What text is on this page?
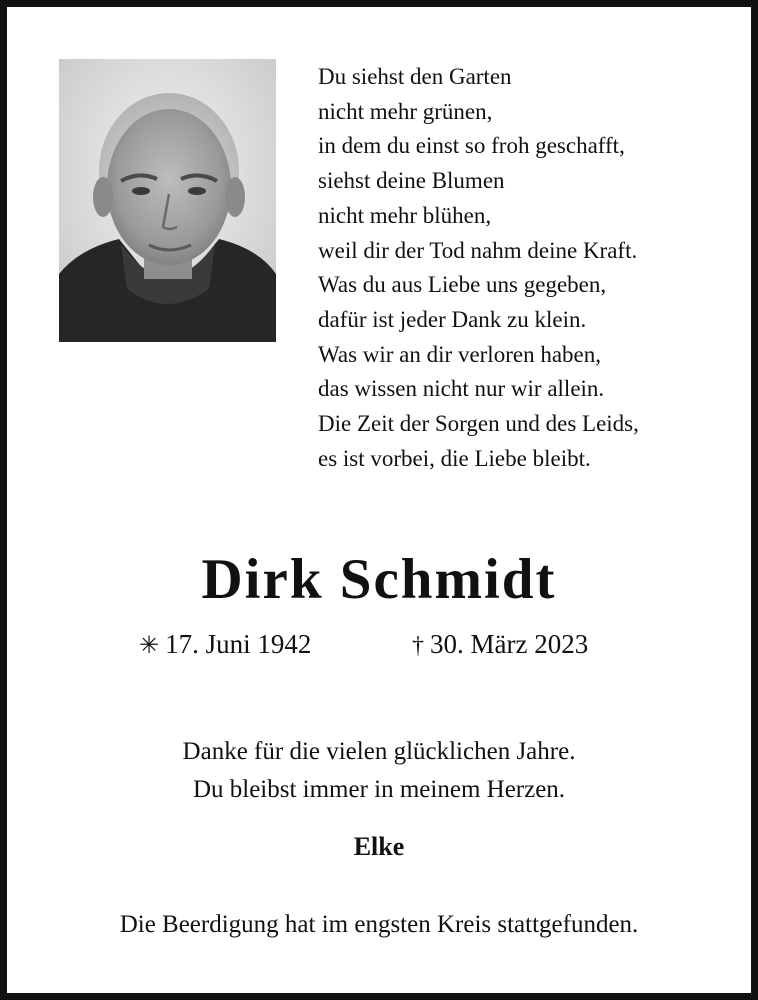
Du siehst den Garten
nicht mehr grünen,
in dem du einst so froh geschafft,
siehst deine Blumen
nicht mehr blühen,
weil dir der Tod nahm deine Kraft.
Was du aus Liebe uns gegeben,
dafür ist jeder Dank zu klein.
Was wir an dir verloren haben,
das wissen nicht nur wir allein.
Die Zeit der Sorgen und des Leids,
es ist vorbei, die Liebe bleibt.
Dirk Schmidt
✳ 17. Juni 1942	† 30. März 2023
Danke für die vielen glücklichen Jahre.
Du bleibst immer in meinem Herzen.
Elke
Die Beerdigung hat im engsten Kreis stattgefunden.
